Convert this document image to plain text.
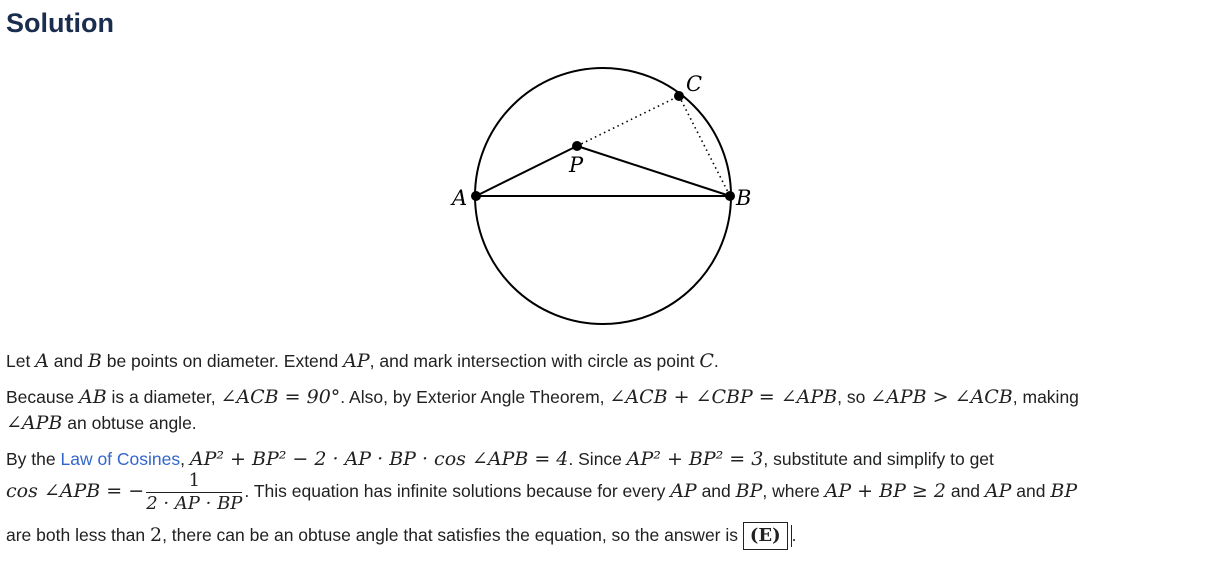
Solution
A	B
C
P

Let A and B be points on diameter. Extend AP, and mark intersection with circle as point C.

Because AB is a diameter, ∠ACB = 90°. Also, by Exterior Angle Theorem, ∠ACB + ∠CBP = ∠APB, so ∠APB > ∠ACB, making
∠APB an obtuse angle.

By the Law of Cosines, AP² + BP² − 2 · AP · BP · cos ∠APB = 4. Since AP² + BP² = 3, substitute and simplify to get

cos ∠APB = − $\frac{1}{2 \cdot AP \cdot BP}$ . This equation has infinite solutions because for every AP and BP, where AP + BP ≥ 2 and AP and BP

are both less than 2, there can be an obtuse angle that satisfies the equation, so the answer is (E) .
